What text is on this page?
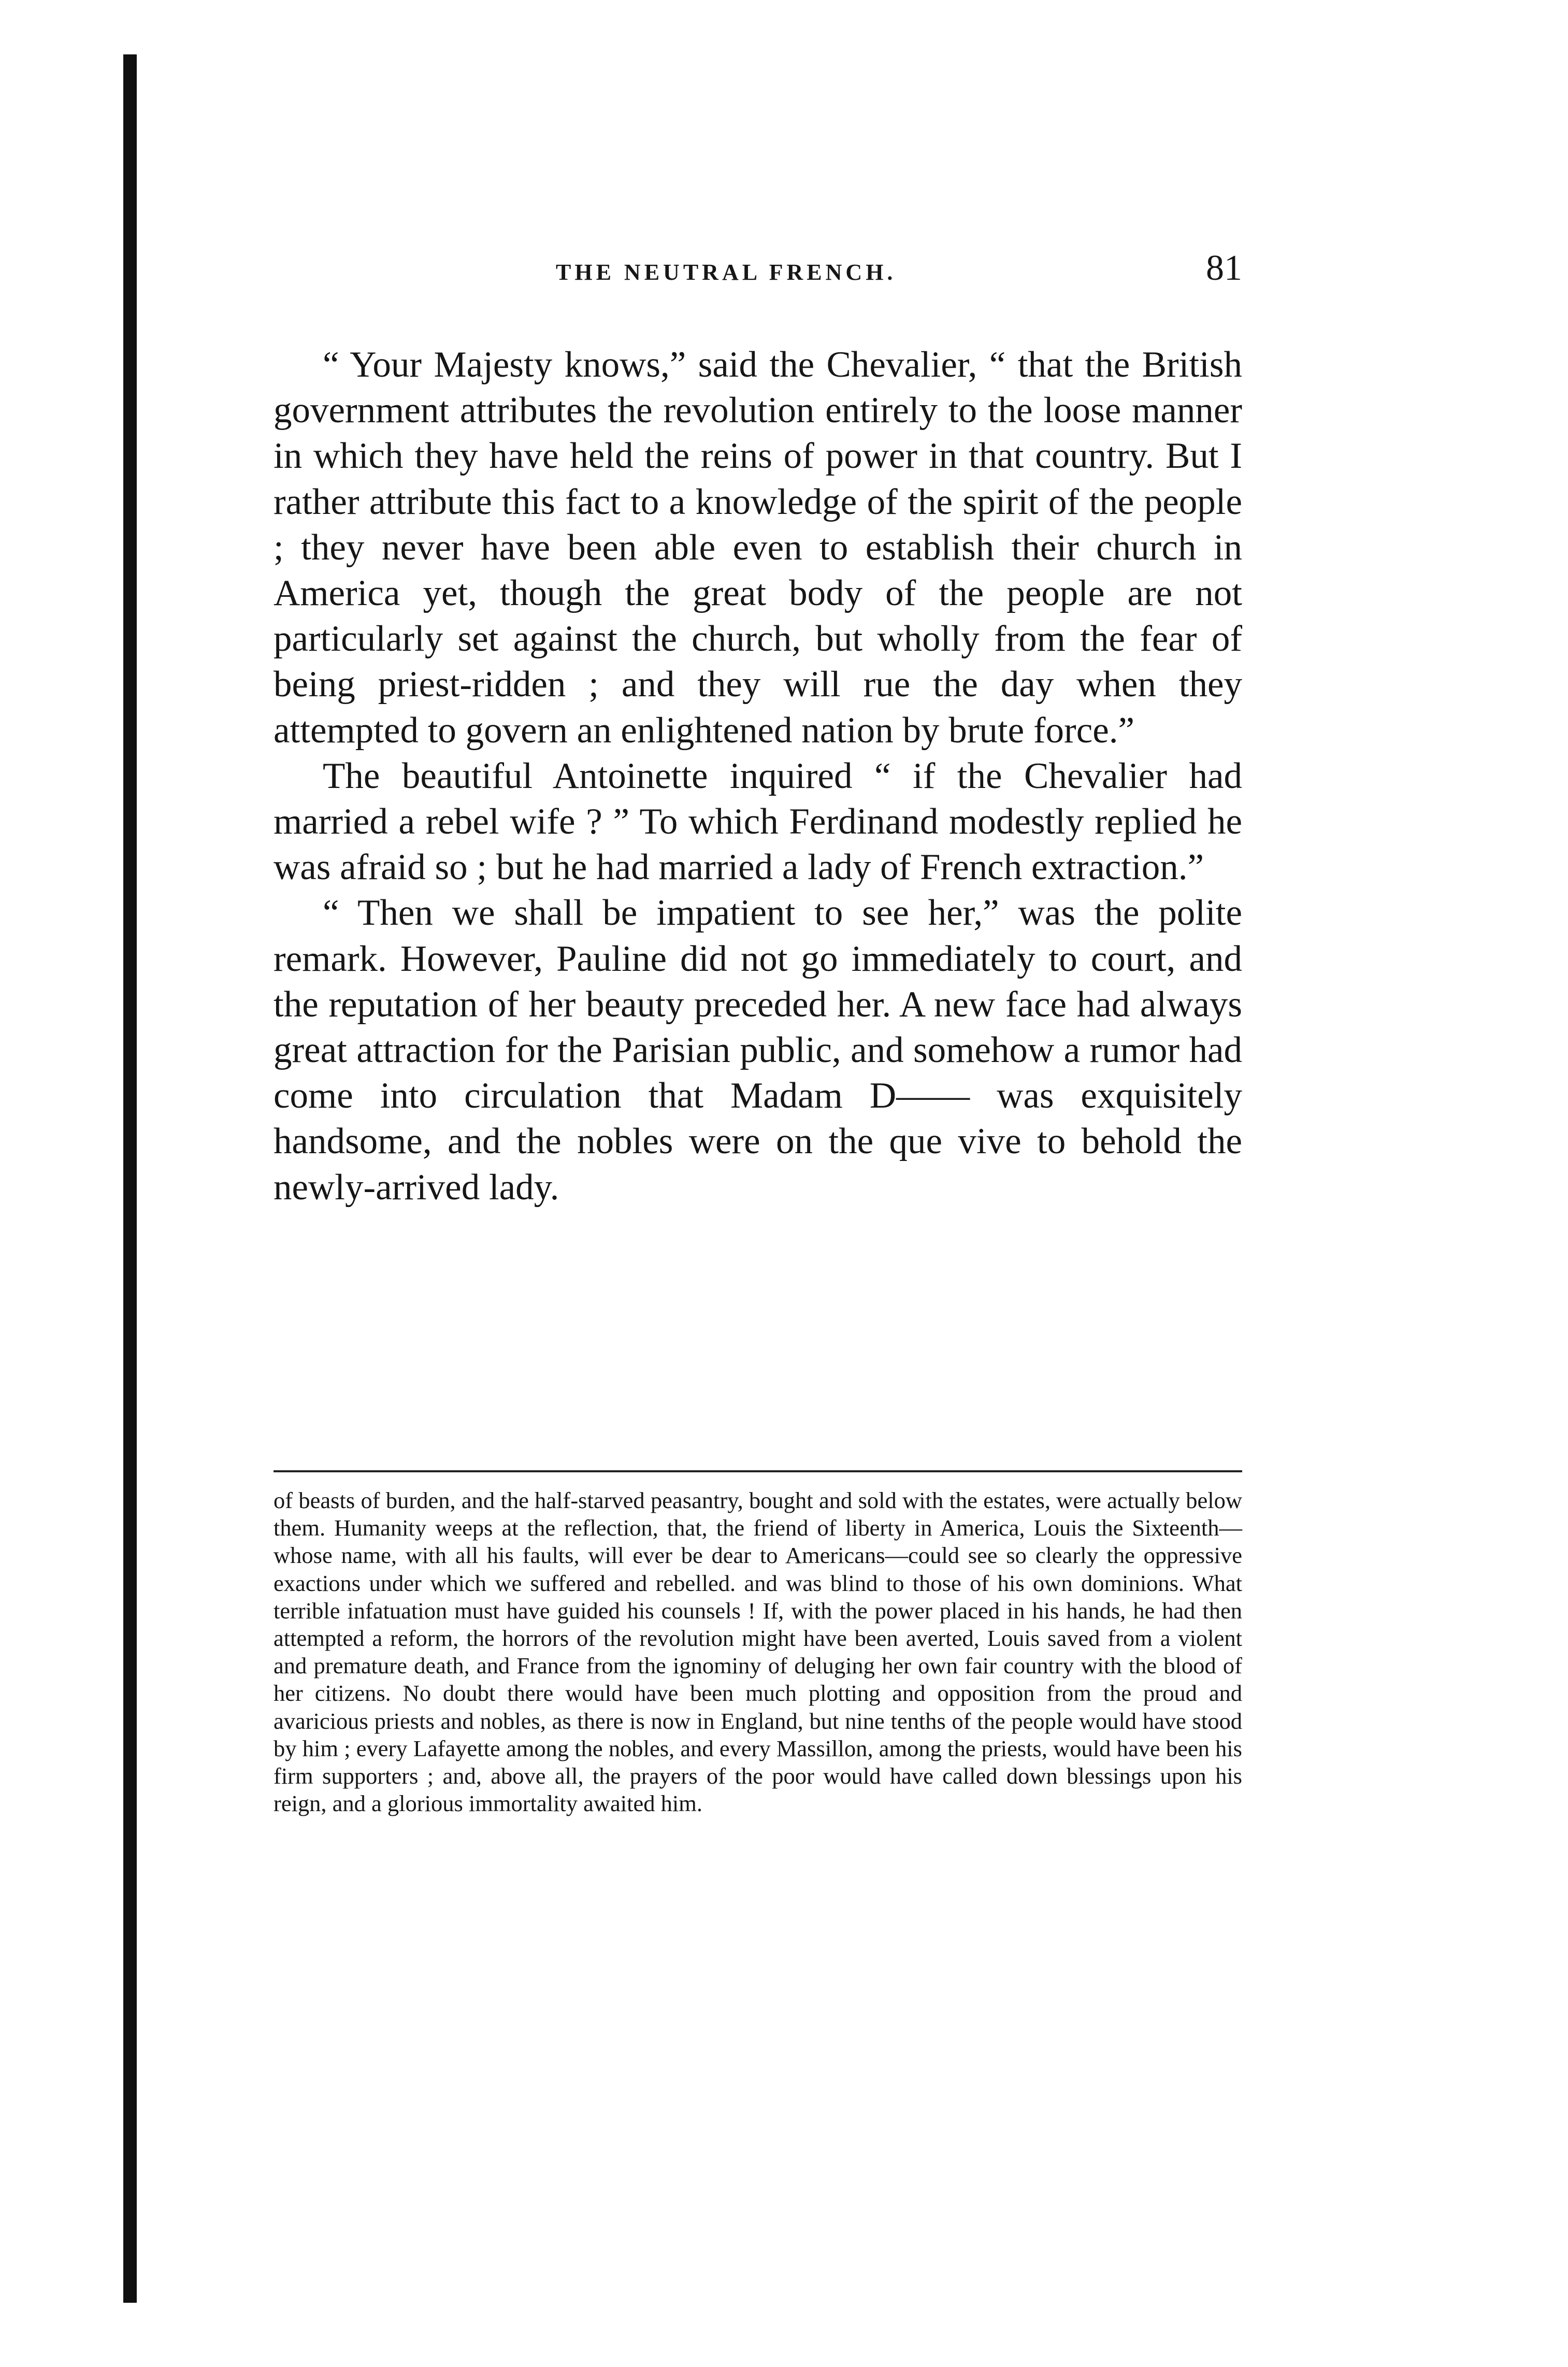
THE NEUTRAL FRENCH.	81

“ Your Majesty knows,” said the Chevalier, “ that the British government attributes the revolution entirely to the loose manner in which they have held the reins of power in that country. But I rather attribute this fact to a knowledge of the spirit of the people ; they never have been able even to establish their church in America yet, though the great body of the people are not particularly set against the church, but wholly from the fear of being priest-ridden ; and they will rue the day when they attempted to govern an enlightened nation by brute force.”

The beautiful Antoinette inquired “ if the Chevalier had married a rebel wife ? ” To which Ferdinand modestly replied he was afraid so ; but he had married a lady of French extraction.”

“ Then we shall be impatient to see her,” was the polite remark. However, Pauline did not go immediately to court, and the reputation of her beauty preceded her. A new face had always great attraction for the Parisian public, and somehow a rumor had come into circulation that Madam D—— was exquisitely handsome, and the nobles were on the que vive to behold the newly-arrived lady.

of beasts of burden, and the half-starved peasantry, bought and sold with the estates, were actually below them. Humanity weeps at the reflection, that, the friend of liberty in America, Louis the Sixteenth—whose name, with all his faults, will ever be dear to Americans—could see so clearly the oppressive exactions under which we suffered and rebelled. and was blind to those of his own dominions. What terrible infatuation must have guided his counsels ! If, with the power placed in his hands, he had then attempted a reform, the horrors of the revolution might have been averted, Louis saved from a violent and premature death, and France from the ignominy of deluging her own fair country with the blood of her citizens. No doubt there would have been much plotting and opposition from the proud and avaricious priests and nobles, as there is now in England, but nine tenths of the people would have stood by him ; every Lafayette among the nobles, and every Massillon, among the priests, would have been his firm supporters ; and, above all, the prayers of the poor would have called down blessings upon his reign, and a glorious immortality awaited him.
